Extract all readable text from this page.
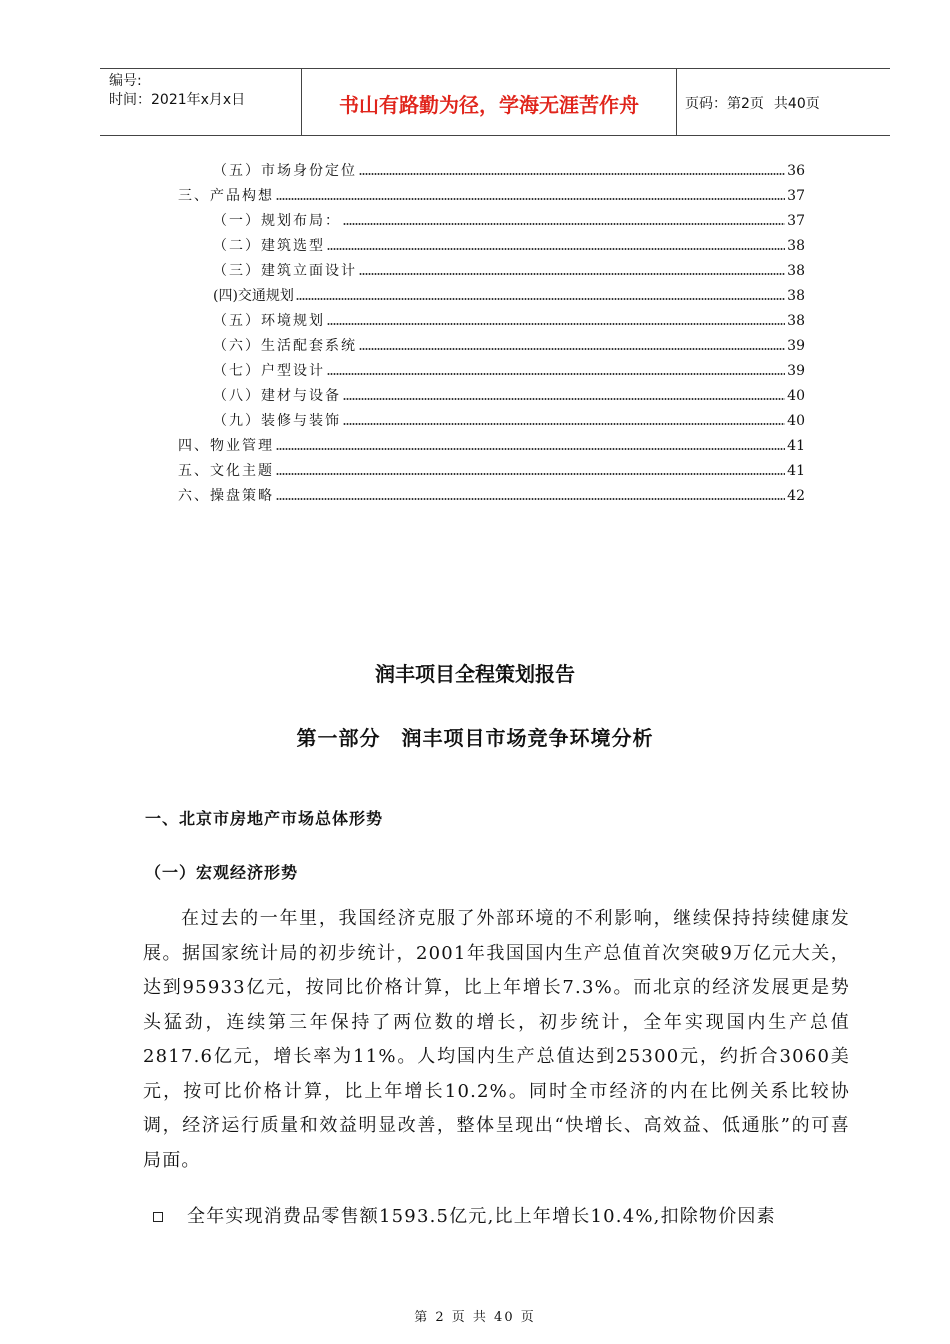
编号:
时间：2021年x月x日	书山有路勤为径，学海无涯苦作舟	页码：第2页 共40页
（五）市场身份定位	36
三、产品构想	37
（一）规划布局：	37
（二）建筑选型	38
（三）建筑立面设计	38
(四)交通规划	38
（五）环境规划	38
（六）生活配套系统	39
（七）户型设计	39
（八）建材与设备	40
（九）装修与装饰	40
四、物业管理	41
五、文化主题	41
六、操盘策略	42
润丰项目全程策划报告
第一部分　润丰项目市场竞争环境分析
一、北京市房地产市场总体形势
（一）宏观经济形势

在过去的一年里，我国经济克服了外部环境的不利影响，继续保持持续健康发展。据国家统计局的初步统计，2001年我国国内生产总值首次突破9万亿元大关，达到95933亿元，按同比价格计算，比上年增长7.3%。而北京的经济发展更是势头猛劲，连续第三年保持了两位数的增长，初步统计，全年实现国内生产总值2817.6亿元，增长率为11%。人均国内生产总值达到25300元，约折合3060美元，按可比价格计算，比上年增长10.2%。同时全市经济的内在比例关系比较协调，经济运行质量和效益明显改善，整体呈现出“快增长、高效益、低通胀”的可喜局面。

全年实现消费品零售额1593.5亿元,比上年增长10.4%,扣除物价因素
第 2 页 共 40 页
